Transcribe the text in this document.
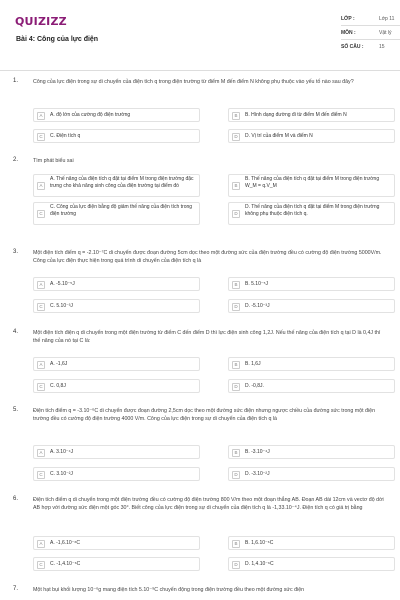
QUIZIZZ
Bài 4: Công của lực điện
LỚP :	Lớp 11
MÔN :	Vật lý
SỐ CÂU :	15
1.	Công của lực điện trong sự di chuyển của điện tích q trong điện trường từ điểm M đến điểm N không phụ thuộc vào yếu tố nào sau đây?
A	A. độ lớn của cường độ điện trường	B	B. Hình dạng đường đi từ điểm M đến điểm N
C	C. Điện tích q	D	D. Vị trí của điểm M và điểm N
2.	Tìm phát biểu sai
A
A. Thế năng của điện tích q đặt tại điểm M trong điện trường đặc trưng cho khả năng sinh công của điện trường tại điểm đó	B
B. Thế năng của điện tích q đặt tại điểm M trong điện trường W_M = q.V_M
C
C. Công của lực điện bằng độ giảm thế năng của điện tích trong điện trường	D
D. Thế năng của điện tích q đặt tại điểm M trong điện trường không phụ thuộc điện tích q.
3.	Một điện tích điểm q = -2.10⁻⁷C di chuyển được đoạn đường 5cm dọc theo một đường sức của điện trường đều có cường độ điện trường 5000V/m. Công của lực điện thực hiện trong quá trình di chuyển của điện tích q là
A	A. -5.10⁻⁵J	B	B. 5.10⁻⁵J
C	C. 5.10⁻³J	D	D. -5.10⁻³J
4.	Một điện tích điện q di chuyển trong một điện trường từ điểm C đến điểm D thì lực điện sinh công 1,2J. Nếu thế năng của điện tích q tại D là 0,4J thì thế năng của nó tại C là:
A	A. -1,6J	B	B. 1,6J
C	C. 0,8J	D	D. -0,8J.
5.	Điện tích điểm q = -3.10⁻⁶C di chuyển được đoạn đường 2,5cm dọc theo một đường sức điện nhưng ngược chiều của đường sức trong một điện trường đều có cường độ điện trường 4000 V/m. Công của lực điện trong sự di chuyển của điện tích q là
A	A. 3.10⁻⁴J	B	B. -3.10⁻⁴J
C	C. 3.10⁻²J	D	D. -3.10⁻²J
6.	Điện tích điểm q di chuyển trong một điện trường đều có cường độ điện trường 800 V/m theo một đoạn thẳng AB. Đoạn AB dài 12cm và vectơ độ dời AB hợp với đường sức điện một góc 30°. Biết công của lực điện trong sự di chuyển của điện tích q là -1,33.10⁻⁴J. Điện tích q có giá trị bằng
A	A. -1,6.10⁻⁶C	B	B. 1,6.10⁻⁶C
C	C. -1,4.10⁻⁶C	D	D. 1,4.10⁻⁶C
7.	Một hạt bụi khối lượng 10⁻⁶g mang điện tích 5.10⁻⁹C chuyển động trong điện trường đều theo một đường sức điện
